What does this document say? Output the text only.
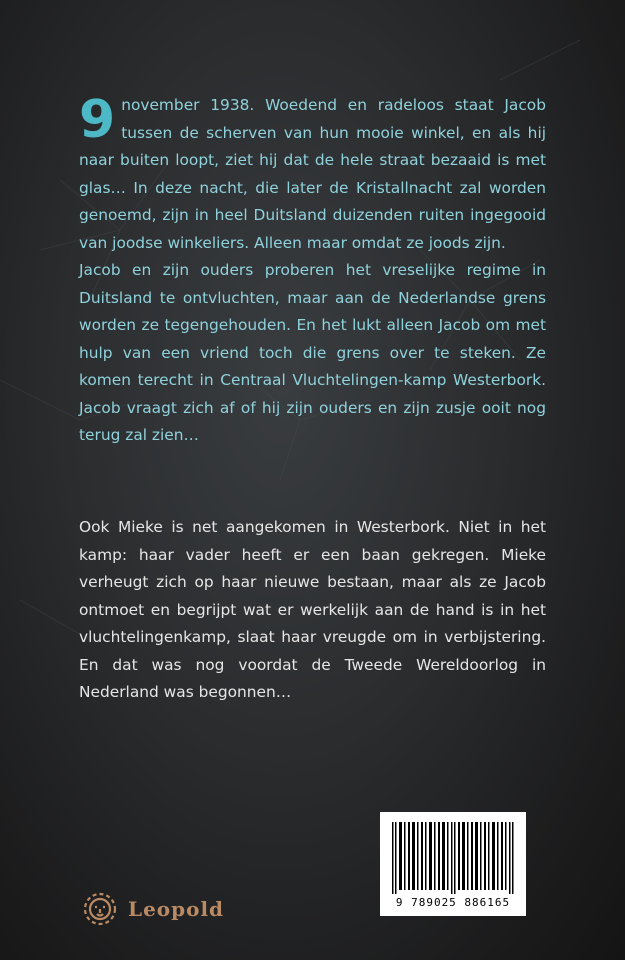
9 november 1938. Woedend en radeloos staat Jacob tussen de scherven van hun mooie winkel, en als hij naar buiten loopt, ziet hij dat de hele straat bezaaid is met glas… In deze nacht, die later de Kristallnacht zal worden genoemd, zijn in heel Duitsland duizenden ruiten ingegooid van joodse winkeliers. Alleen maar omdat ze joods zijn.
Jacob en zijn ouders proberen het vreselijke regime in Duitsland te ontvluchten, maar aan de Nederlandse grens worden ze tegengehouden. En het lukt alleen Jacob om met hulp van een vriend toch die grens over te steken. Ze komen terecht in Centraal Vluchtelingen-kamp Westerbork. Jacob vraagt zich af of hij zijn ouders en zijn zusje ooit nog terug zal zien…
Ook Mieke is net aangekomen in Westerbork. Niet in het kamp: haar vader heeft er een baan gekregen. Mieke verheugt zich op haar nieuwe bestaan, maar als ze Jacob ontmoet en begrijpt wat er werkelijk aan de hand is in het vluchtelingenkamp, slaat haar vreugde om in verbijstering. En dat was nog voordat de Tweede Wereldoorlog in Nederland was begonnen…
9 789025 886165
Leopold
